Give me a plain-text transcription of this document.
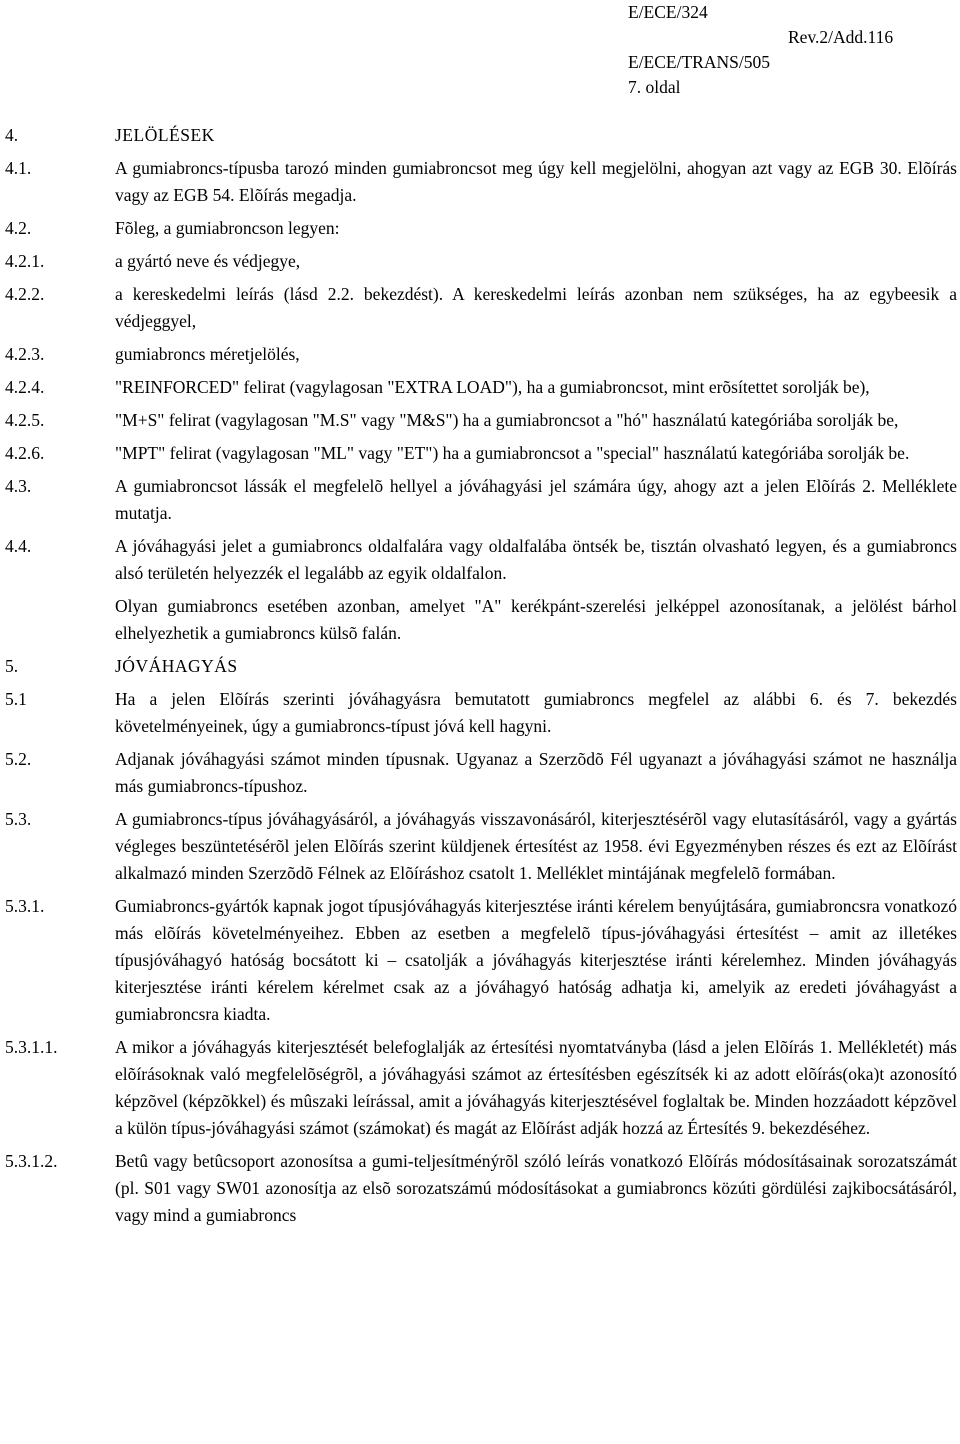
E/ECE/324
Rev.2/Add.116
E/ECE/TRANS/505
7. oldal
4.	JELÖLÉSEK
4.1.	A gumiabroncs-típusba tarozó minden gumiabroncsot meg úgy kell megjelölni, ahogyan azt vagy az EGB 30. Elõírás vagy az EGB 54. Elõírás megadja.
4.2.	Fõleg, a gumiabroncson legyen:
4.2.1.	a gyártó neve és védjegye,
4.2.2.	a kereskedelmi leírás (lásd 2.2. bekezdést). A kereskedelmi leírás azonban nem szükséges, ha az egybeesik a védjeggyel,
4.2.3.	gumiabroncs méretjelölés,
4.2.4.	"REINFORCED" felirat (vagylagosan "EXTRA LOAD"), ha a gumiabroncsot, mint erõsítettet sorolják be),
4.2.5.	"M+S" felirat (vagylagosan "M.S" vagy "M&S") ha a gumiabroncsot a "hó" használatú kategóriába sorolják be,
4.2.6.	"MPT" felirat (vagylagosan "ML" vagy "ET") ha a gumiabroncsot a "special" használatú kategóriába sorolják be.
4.3.	A gumiabroncsot lássák el megfelelõ hellyel a jóváhagyási jel számára úgy, ahogy azt a jelen Elõírás 2. Melléklete mutatja.
4.4.	A jóváhagyási jelet a gumiabroncs oldalfalára vagy oldalfalába öntsék be, tisztán olvasható legyen, és a gumiabroncs alsó területén helyezzék el legalább az egyik oldalfalon.
Olyan gumiabroncs esetében azonban, amelyet "A" kerékpánt-szerelési jelképpel azonosítanak, a jelölést bárhol elhelyezhetik a gumiabroncs külsõ falán.
5.	JÓVÁHAGYÁS
5.1	Ha a jelen Elõírás szerinti jóváhagyásra bemutatott gumiabroncs megfelel az alábbi 6. és 7. bekezdés követelményeinek, úgy a gumiabroncs-típust jóvá kell hagyni.
5.2.	Adjanak jóváhagyási számot minden típusnak. Ugyanaz a Szerzõdõ Fél ugyanazt a jóváhagyási számot ne használja más gumiabroncs-típushoz.
5.3.	A gumiabroncs-típus jóváhagyásáról, a jóváhagyás visszavonásáról, kiterjesztésérõl vagy elutasításáról, vagy a gyártás végleges beszüntetésérõl jelen Elõírás szerint küldjenek értesítést az 1958. évi Egyezményben részes és ezt az Elõírást alkalmazó minden Szerzõdõ Félnek az Elõíráshoz csatolt 1. Melléklet mintájának megfelelõ formában.
5.3.1.	Gumiabroncs-gyártók kapnak jogot típusjóváhagyás kiterjesztése iránti kérelem benyújtására, gumiabroncsra vonatkozó más elõírás követelményeihez. Ebben az esetben a megfelelõ típus-jóváhagyási értesítést – amit az illetékes típusjóváhagyó hatóság bocsátott ki – csatolják a jóváhagyás kiterjesztése iránti kérelemhez. Minden jóváhagyás kiterjesztése iránti kérelem kérelmet csak az a jóváhagyó hatóság adhatja ki, amelyik az eredeti jóváhagyást a gumiabroncsra kiadta.
5.3.1.1.	A mikor a jóváhagyás kiterjesztését belefoglalják az értesítési nyomtatványba (lásd a jelen Elõírás 1. Mellékletét) más elõírásoknak való megfelelõségrõl, a jóváhagyási számot az értesítésben egészítsék ki az adott elõírás(oka)t azonosító képzõvel (képzõkkel) és mûszaki leírással, amit a jóváhagyás kiterjesztésével foglaltak be. Minden hozzáadott képzõvel a külön típus-jóváhagyási számot (számokat) és magát az Elõírást adják hozzá az Értesítés 9. bekezdéséhez.
5.3.1.2.	Betû vagy betûcsoport azonosítsa a gumi-teljesítménýrõl szóló leírás vonatkozó Elõírás módosításainak sorozatszámát (pl. S01 vagy SW01 azonosítja az elsõ sorozatszámú módosításokat a gumiabroncs közúti gördülési zajkibocsátásáról, vagy mind a gumiabroncs
